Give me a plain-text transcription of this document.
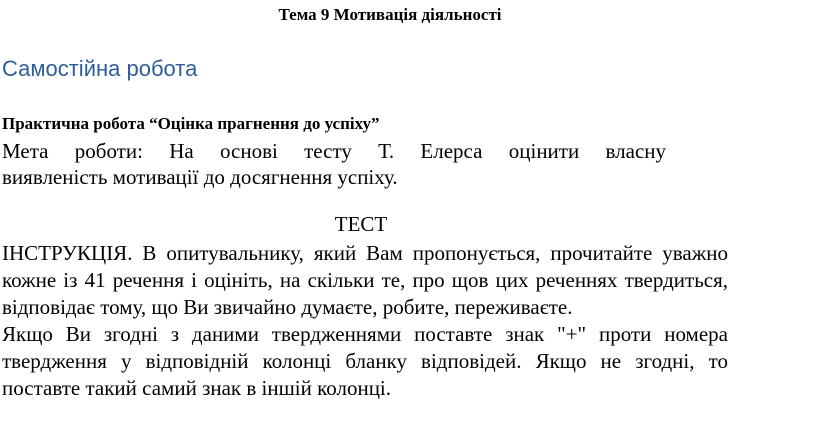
Тема 9 Мотивація діяльності
Самостійна робота
Практична робота “Оцінка прагнення до успіху”
Мета роботи: На основі тесту Т. Елерса оцінити власну
виявленість мотивації до досягнення успіху.
ТЕСТ

ІНСТРУКЦІЯ. В опитувальнику, який Вам пропонується, прочитайте уважно кожне із 41 речення і оцініть, на скільки те, про щов цих реченнях твердиться, відповідає тому, що Ви звичайно думаєте, робите, переживаєте.

Якщо Ви згодні з даними твердженнями поставте знак "+" проти номера твердження у відповідній колонці бланку відповідей. Якщо не згодні, то поставте такий самий знак в іншій колонці.
